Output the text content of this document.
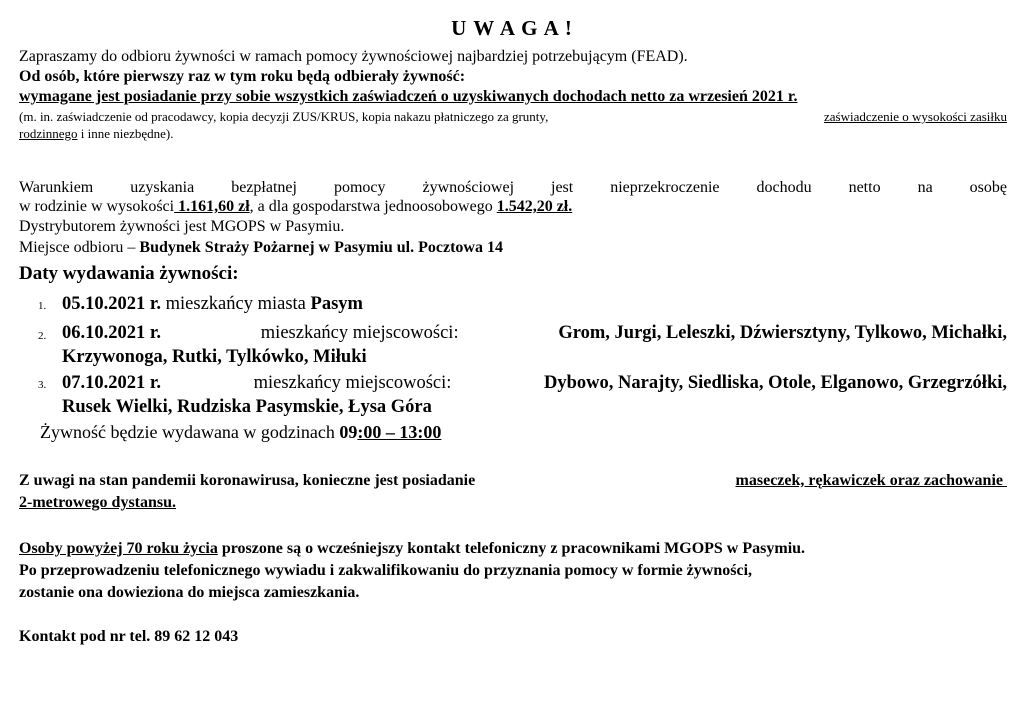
U W A G A !
Zapraszamy do odbioru żywności w ramach pomocy żywnościowej najbardziej potrzebującym (FEAD).
Od osób, które pierwszy raz w tym roku będą odbierały żywność:
wymagane jest posiadanie przy sobie wszystkich zaświadczeń o uzyskiwanych dochodach netto za wrzesień 2021 r.
(m. in. zaświadczenie od pracodawcy, kopia decyzji ZUS/KRUS, kopia nakazu płatniczego za grunty,	zaświadczenie o wysokości zasiłku
rodzinnego i inne niezbędne).
Warunkiem uzyskania bezpłatnej pomocy żywnościowej jest nieprzekroczenie dochodu netto na osobę
w rodzinie w wysokości 1.161,60 zł, a dla gospodarstwa jednoosobowego 1.542,20 zł.
Dystrybutorem żywności jest MGOPS w Pasymiu.
Miejsce odbioru – Budynek Straży Pożarnej w Pasymiu ul. Pocztowa 14
Daty wydawania żywności:
1. 05.10.2021 r. mieszkańcy miasta Pasym
2. 06.10.2021 r.	mieszkańcy miejscowości:	Grom, Jurgi, Leleszki, Dźwiersztyny, Tylkowo, Michałki,
Krzywonoga, Rutki, Tylkówko, Miłuki
3. 07.10.2021 r.	mieszkańcy miejscowości:	Dybowo, Narajty, Siedliska, Otole, Elganowo, Grzegrzółki,
Rusek Wielki, Rudziska Pasymskie, Łysa Góra
Żywność będzie wydawana w godzinach 09:00 – 13:00
Z uwagi na stan pandemii koronawirusa, konieczne jest posiadanie	maseczek, rękawiczek oraz zachowanie
2-metrowego dystansu.
Osoby powyżej 70 roku życia proszone są o wcześniejszy kontakt telefoniczny z pracownikami MGOPS w Pasymiu.
Po przeprowadzeniu telefonicznego wywiadu i zakwalifikowaniu do przyznania pomocy w formie żywności,
zostanie ona dowieziona do miejsca zamieszkania.
Kontakt pod nr tel. 89 62 12 043
